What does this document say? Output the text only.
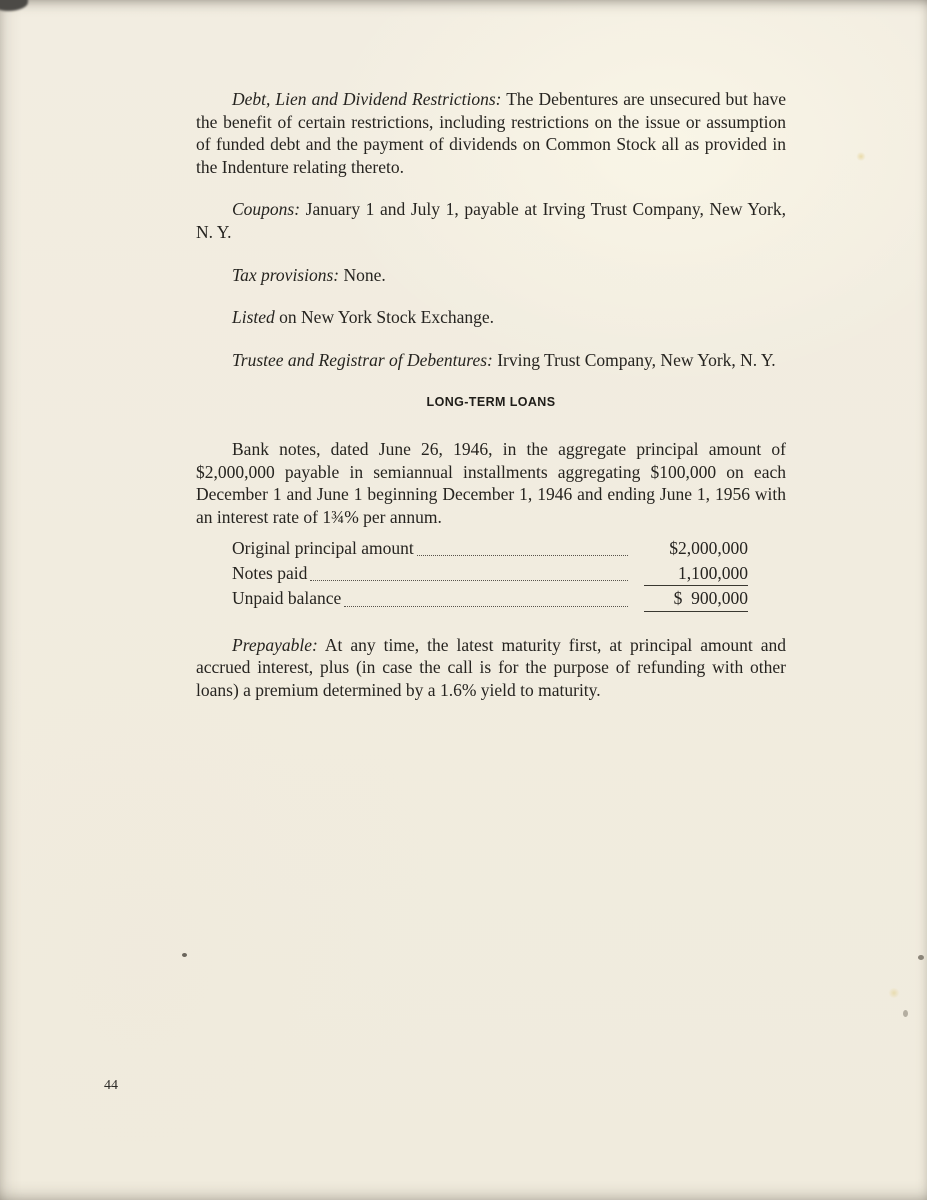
Debt, Lien and Dividend Restrictions: The Debentures are unsecured but have the benefit of certain restrictions, including restrictions on the issue or assumption of funded debt and the payment of dividends on Common Stock all as provided in the Indenture relating thereto.

Coupons: January 1 and July 1, payable at Irving Trust Company, New York, N. Y.

Tax provisions: None.

Listed on New York Stock Exchange.

Trustee and Registrar of Debentures: Irving Trust Company, New York, N. Y.

LONG-TERM LOANS

Bank notes, dated June 26, 1946, in the aggregate principal amount of $2,000,000 payable in semiannual installments aggregating $100,000 on each December 1 and June 1 beginning December 1, 1946 and ending June 1, 1956 with an interest rate of 1¾% per annum.

Original principal amount	$2,000,000
Notes paid	1,100,000
Unpaid balance	$  900,000

Prepayable: At any time, the latest maturity first, at principal amount and accrued interest, plus (in case the call is for the purpose of refunding with other loans) a premium determined by a 1.6% yield to maturity.

44
